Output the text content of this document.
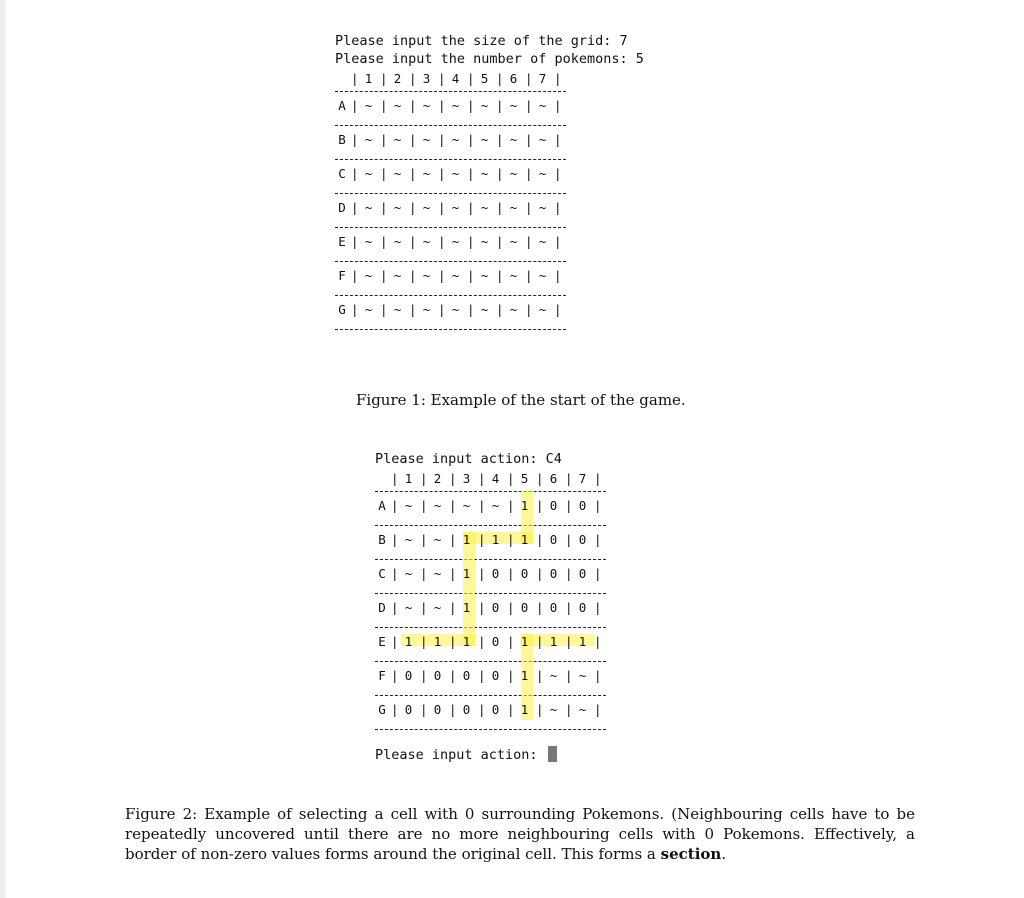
Please input the size of the grid: 7
Please input the number of pokemons: 5
| 1 | 2 | 3 | 4 | 5 | 6 | 7 |
A | ~ | ~ | ~ | ~ | ~ | ~ | ~ |
B | ~ | ~ | ~ | ~ | ~ | ~ | ~ |
C | ~ | ~ | ~ | ~ | ~ | ~ | ~ |
D | ~ | ~ | ~ | ~ | ~ | ~ | ~ |
E | ~ | ~ | ~ | ~ | ~ | ~ | ~ |
F | ~ | ~ | ~ | ~ | ~ | ~ | ~ |
G | ~ | ~ | ~ | ~ | ~ | ~ | ~ |
Figure 1: Example of the start of the game.
Please input action: C4
| 1 | 2 | 3 | 4 | 5 | 6 | 7 |
A | ~ | ~ | ~ | ~ | 1 | 0 | 0 |
B | ~ | ~ | 1 | 1 | 1 | 0 | 0 |
C | ~ | ~ | 1 | 0 | 0 | 0 | 0 |
D | ~ | ~ | 1 | 0 | 0 | 0 | 0 |
E | 1 | 1 | 1 | 0 | 1 | 1 | 1 |
F | 0 | 0 | 0 | 0 | 1 | ~ | ~ |
G | 0 | 0 | 0 | 0 | 1 | ~ | ~ |
Please input action:
Figure 2: Example of selecting a cell with 0 surrounding Pokemons. (Neighbouring cells have to be repeatedly uncovered until there are no more neighbouring cells with 0 Pokemons. Effectively, a border of non-zero values forms around the original cell. This forms a section.
